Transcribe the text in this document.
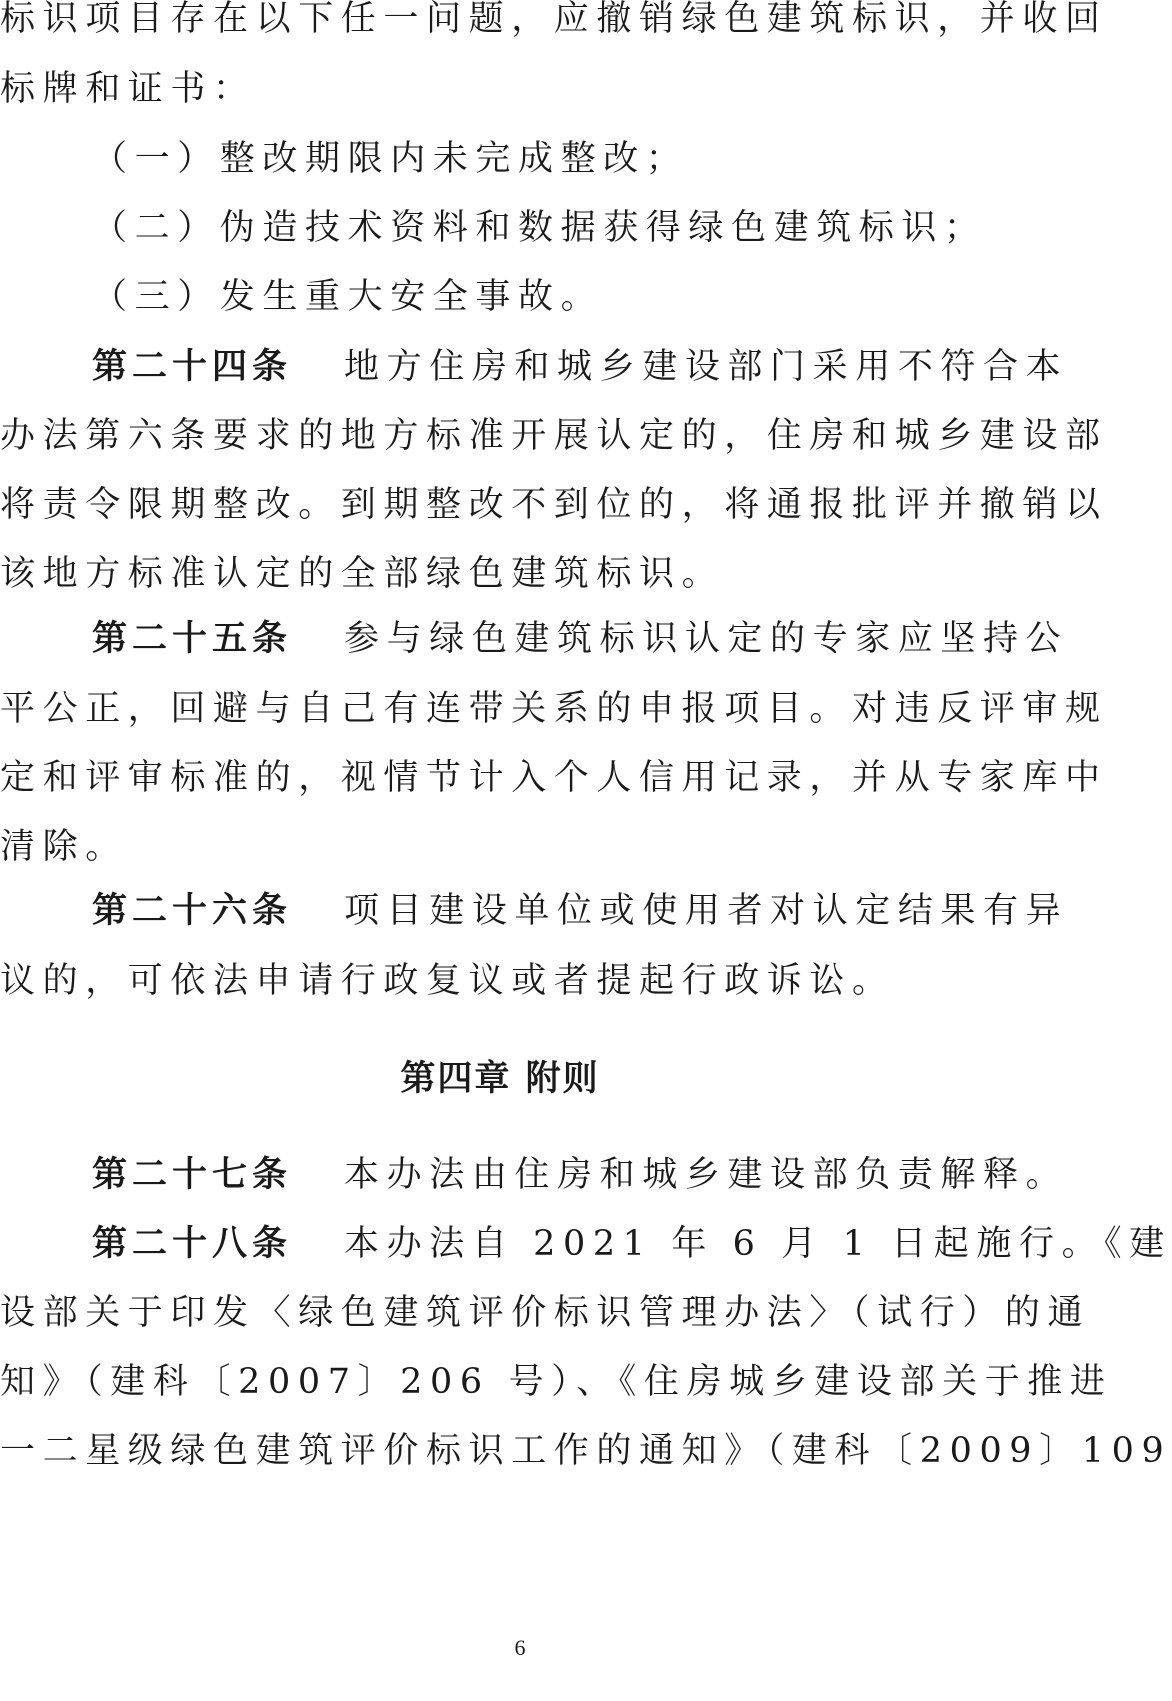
标识项目存在以下任一问题，应撤销绿色建筑标识，并收回
标牌和证书：
（一）整改期限内未完成整改；
（二）伪造技术资料和数据获得绿色建筑标识；
（三）发生重大安全事故。
第二十四条 地方住房和城乡建设部门采用不符合本
办法第六条要求的地方标准开展认定的，住房和城乡建设部
将责令限期整改。到期整改不到位的，将通报批评并撤销以
该地方标准认定的全部绿色建筑标识。
第二十五条 参与绿色建筑标识认定的专家应坚持公
平公正，回避与自己有连带关系的申报项目。对违反评审规
定和评审标准的，视情节计入个人信用记录，并从专家库中
清除。
第二十六条 项目建设单位或使用者对认定结果有异
议的，可依法申请行政复议或者提起行政诉讼。
第四章 附则
第二十七条 本办法由住房和城乡建设部负责解释。
第二十八条 本办法自 2021 年 6 月 1 日起施行。《建
设部关于印发〈绿色建筑评价标识管理办法〉（试行）的通
知》（建科〔2007〕206 号）、《住房城乡建设部关于推进
一二星级绿色建筑评价标识工作的通知》（建科〔2009〕109
6
